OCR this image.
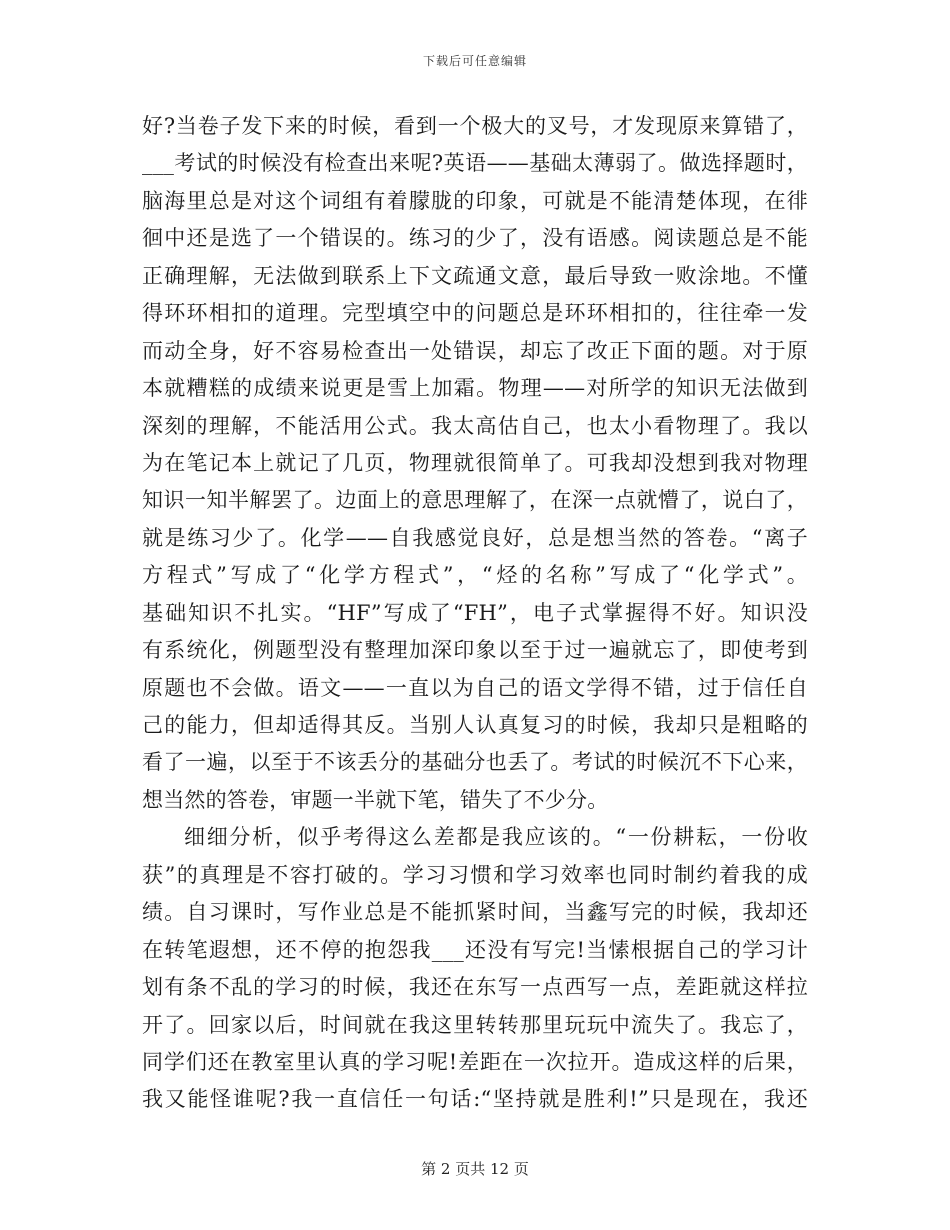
下载后可任意编辑
好?当卷子发下来的时候，看到一个极大的叉号，才发现原来算错了，
___考试的时候没有检查出来呢?英语——基础太薄弱了。做选择题时，
脑海里总是对这个词组有着朦胧的印象，可就是不能清楚体现，在徘
徊中还是选了一个错误的。练习的少了，没有语感。阅读题总是不能
正确理解，无法做到联系上下文疏通文意，最后导致一败涂地。不懂
得环环相扣的道理。完型填空中的问题总是环环相扣的，往往牵一发
而动全身，好不容易检查出一处错误，却忘了改正下面的题。对于原
本就糟糕的成绩来说更是雪上加霜。物理——对所学的知识无法做到
深刻的理解，不能活用公式。我太高估自己，也太小看物理了。我以
为在笔记本上就记了几页，物理就很简单了。可我却没想到我对物理
知识一知半解罢了。边面上的意思理解了，在深一点就懵了，说白了，
就是练习少了。化学——自我感觉良好，总是想当然的答卷。“离子
方程式”写成了“化学方程式”，“烃的名称”写成了“化学式”。
基础知识不扎实。“HF”写成了“FH”，电子式掌握得不好。知识没
有系统化，例题型没有整理加深印象以至于过一遍就忘了，即使考到
原题也不会做。语文——一直以为自己的语文学得不错，过于信任自
己的能力，但却适得其反。当别人认真复习的时候，我却只是粗略的
看了一遍，以至于不该丢分的基础分也丢了。考试的时候沉不下心来，
想当然的答卷，审题一半就下笔，错失了不少分。
细细分析，似乎考得这么差都是我应该的。“一份耕耘，一份收
获”的真理是不容打破的。学习习惯和学习效率也同时制约着我的成
绩。自习课时，写作业总是不能抓紧时间，当鑫写完的时候，我却还
在转笔遐想，还不停的抱怨我___还没有写完!当愫根据自己的学习计
划有条不乱的学习的时候，我还在东写一点西写一点，差距就这样拉
开了。回家以后，时间就在我这里转转那里玩玩中流失了。我忘了，
同学们还在教室里认真的学习呢!差距在一次拉开。造成这样的后果，
我又能怪谁呢?我一直信任一句话:“坚持就是胜利!”只是现在，我还
第 2 页共 12 页
